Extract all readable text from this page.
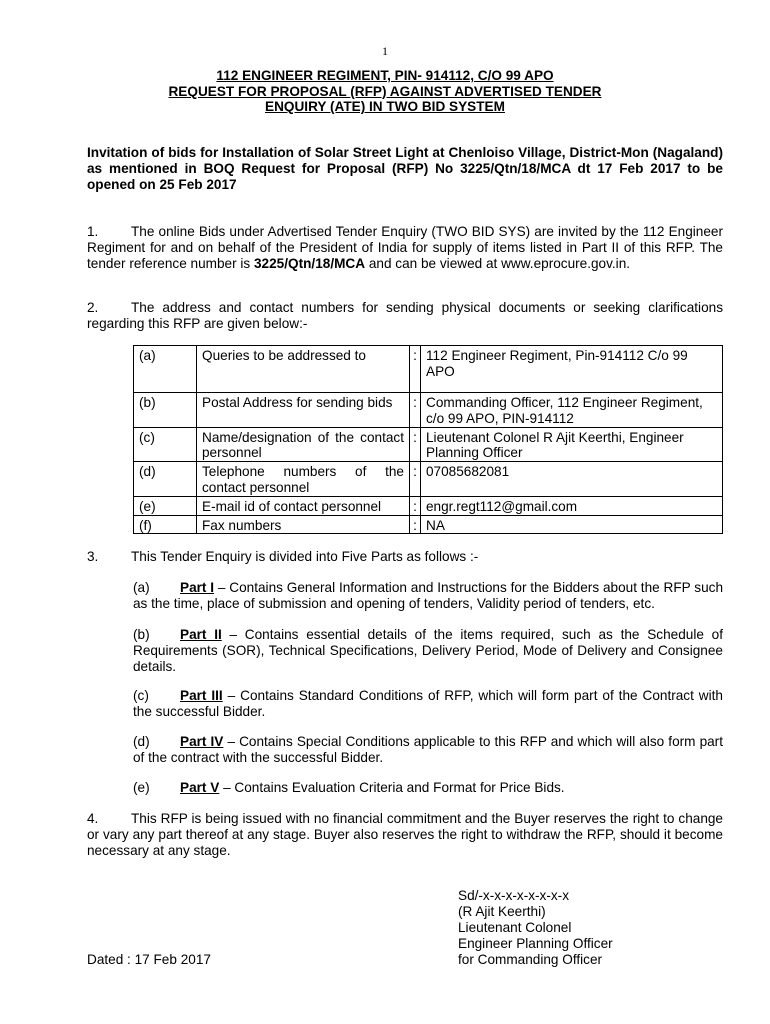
1
112 ENGINEER REGIMENT, PIN- 914112, C/O 99 APO
REQUEST FOR PROPOSAL (RFP) AGAINST ADVERTISED TENDER
ENQUIRY (ATE) IN TWO BID SYSTEM
Invitation of bids for Installation of Solar Street Light at Chenloiso Village, District-Mon (Nagaland) as mentioned in BOQ Request for Proposal (RFP) No 3225/Qtn/18/MCA dt 17 Feb 2017 to be opened on 25 Feb 2017
1. The online Bids under Advertised Tender Enquiry (TWO BID SYS) are invited by the 112 Engineer Regiment for and on behalf of the President of India for supply of items listed in Part II of this RFP. The tender reference number is 3225/Qtn/18/MCA and can be viewed at www.eprocure.gov.in.
2. The address and contact numbers for sending physical documents or seeking clarifications regarding this RFP are given below:-
(a)	Queries to be addressed to	:	112 Engineer Regiment, Pin-914112 C/o 99 APO
(b)	Postal Address for sending bids	:	Commanding Officer, 112 Engineer Regiment, c/o 99 APO, PIN-914112
(c)	Name/designation of the contact personnel	:	Lieutenant Colonel R Ajit Keerthi, Engineer Planning Officer
(d)	Telephone numbers of the contact personnel	:	07085682081
(e)	E-mail id of contact personnel	:	engr.regt112@gmail.com
(f)	Fax numbers	:	NA
3. This Tender Enquiry is divided into Five Parts as follows :-
(a) Part I – Contains General Information and Instructions for the Bidders about the RFP such as the time, place of submission and opening of tenders, Validity period of tenders, etc.
(b) Part II – Contains essential details of the items required, such as the Schedule of Requirements (SOR), Technical Specifications, Delivery Period, Mode of Delivery and Consignee details.
(c) Part III – Contains Standard Conditions of RFP, which will form part of the Contract with the successful Bidder.
(d) Part IV – Contains Special Conditions applicable to this RFP and which will also form part of the contract with the successful Bidder.
(e) Part V – Contains Evaluation Criteria and Format for Price Bids.
4. This RFP is being issued with no financial commitment and the Buyer reserves the right to change or vary any part thereof at any stage. Buyer also reserves the right to withdraw the RFP, should it become necessary at any stage.
Sd/-x-x-x-x-x-x-x-x
(R Ajit Keerthi)
Lieutenant Colonel
Engineer Planning Officer
for Commanding Officer
Dated : 17 Feb 2017
